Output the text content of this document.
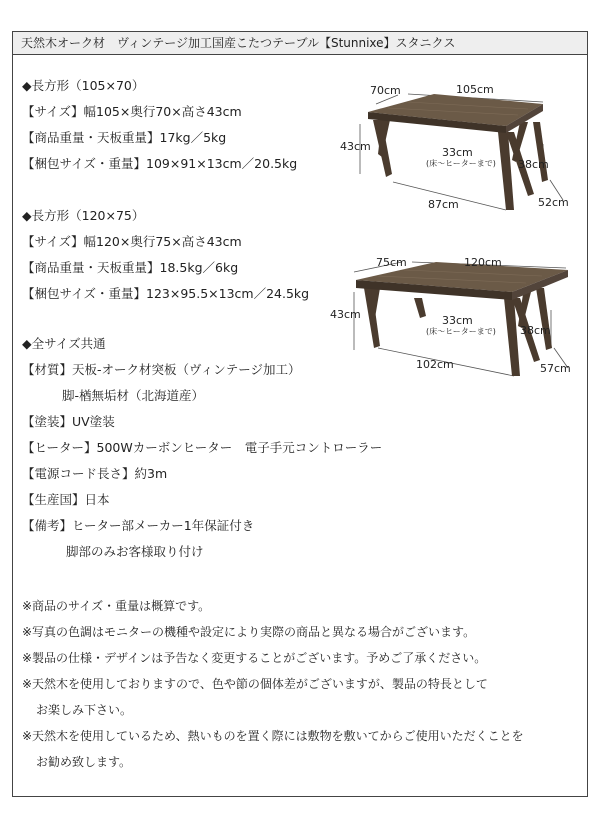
天然木オーク材　ヴィンテージ加工国産こたつテーブル【Stunnixe】スタニクス
◆長方形（105×70）
【サイズ】幅105×奥行70×高さ43cm
【商品重量・天板重量】17kg／5kg
【梱包サイズ・重量】109×91×13cm／20.5kg
70cm	105cm
43cm	33cm
(床〜ヒーターまで) 38cm
87cm	52cm
◆長方形（120×75）
【サイズ】幅120×奥行75×高さ43cm
【商品重量・天板重量】18.5kg／6kg
【梱包サイズ・重量】123×95.5×13cm／24.5kg
75cm	120cm
43cm	33cm
(床〜ヒーターまで) 38cm
102cm	57cm
◆全サイズ共通
【材質】天板-オーク材突板（ヴィンテージ加工）
脚-楢無垢材（北海道産）
【塗装】UV塗装
【ヒーター】500Wカーボンヒーター　電子手元コントローラー
【電源コード長さ】約3m
【生産国】日本
【備考】ヒーター部メーカー1年保証付き
脚部のみお客様取り付け
※商品のサイズ・重量は概算です。
※写真の色調はモニターの機種や設定により実際の商品と異なる場合がございます。
※製品の仕様・デザインは予告なく変更することがございます。予めご了承ください。
※天然木を使用しておりますので、色や節の個体差がございますが、製品の特長として
お楽しみ下さい。
※天然木を使用しているため、熱いものを置く際には敷物を敷いてからご使用いただくことを
お勧め致します。
